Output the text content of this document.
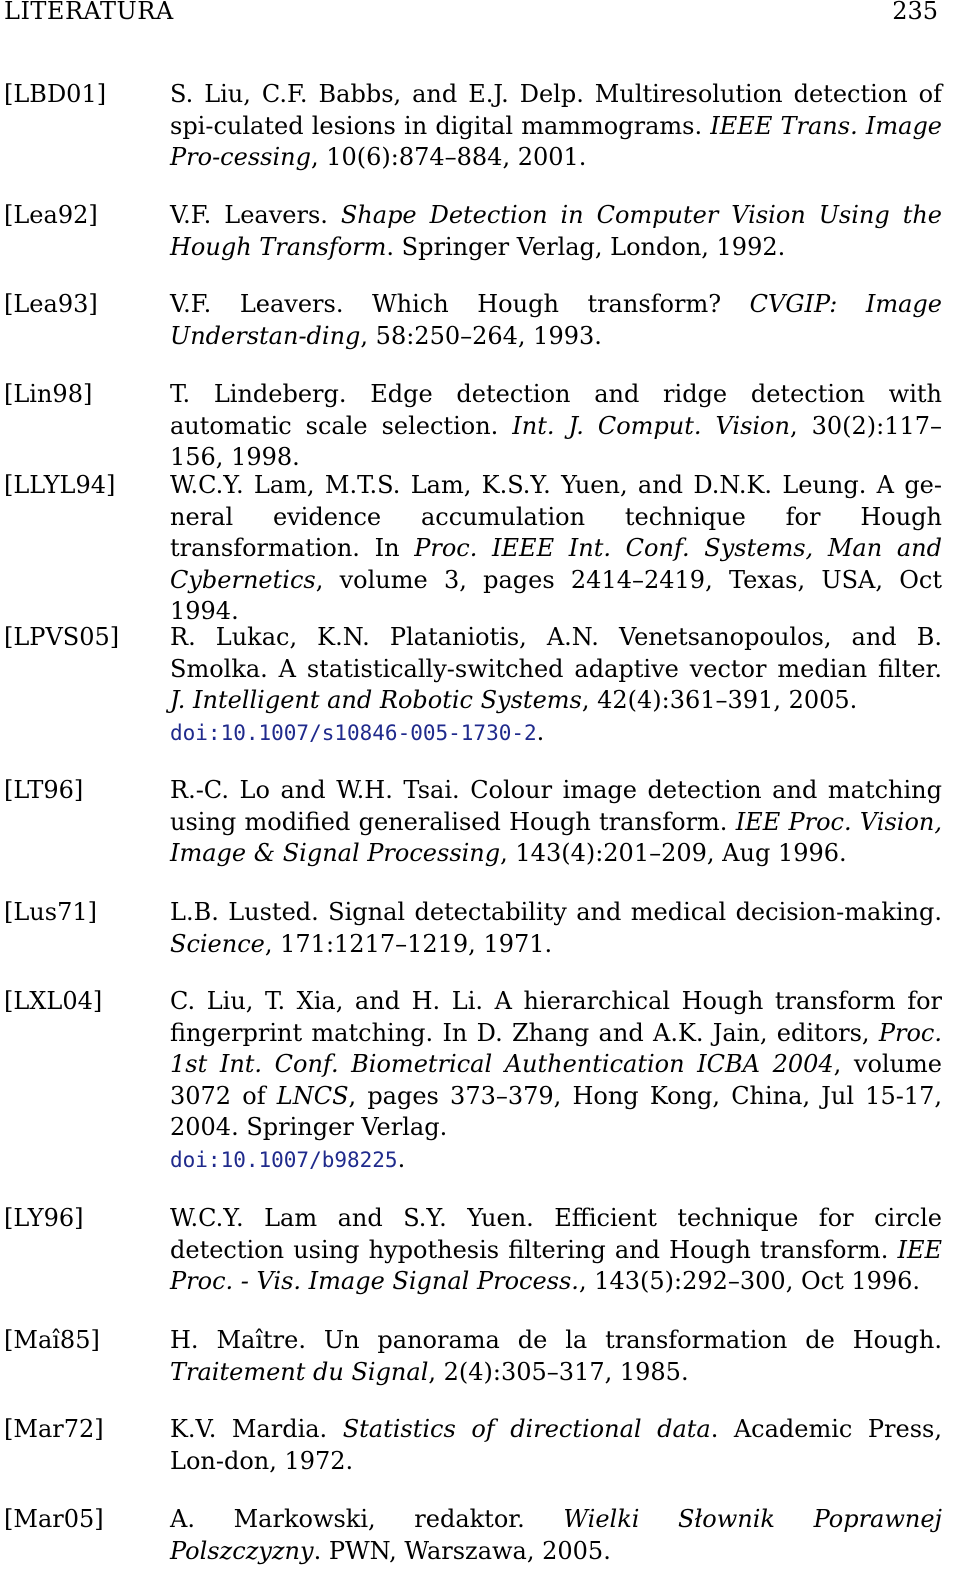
LITERATURA	235
[LBD01]	S. Liu, C.F. Babbs, and E.J. Delp. Multiresolution detection of spi-culated lesions in digital mammograms. IEEE Trans. Image Pro-cessing, 10(6):874–884, 2001.
[Lea92]	V.F. Leavers. Shape Detection in Computer Vision Using the Hough Transform. Springer Verlag, London, 1992.
[Lea93]	V.F. Leavers. Which Hough transform? CVGIP: Image Understan-ding, 58:250–264, 1993.
[Lin98]	T. Lindeberg. Edge detection and ridge detection with automatic scale selection. Int. J. Comput. Vision, 30(2):117–156, 1998.
[LLYL94]	W.C.Y. Lam, M.T.S. Lam, K.S.Y. Yuen, and D.N.K. Leung. A ge-neral evidence accumulation technique for Hough transformation. In Proc. IEEE Int. Conf. Systems, Man and Cybernetics, volume 3, pages 2414–2419, Texas, USA, Oct 1994.
[LPVS05]	R. Lukac, K.N. Plataniotis, A.N. Venetsanopoulos, and B. Smolka. A statistically-switched adaptive vector median filter. J. Intelligent and Robotic Systems, 42(4):361–391, 2005.
doi:10.1007/s10846-005-1730-2.
[LT96]	R.-C. Lo and W.H. Tsai. Colour image detection and matching using modified generalised Hough transform. IEE Proc. Vision, Image & Signal Processing, 143(4):201–209, Aug 1996.
[Lus71]	L.B. Lusted. Signal detectability and medical decision-making. Science, 171:1217–1219, 1971.
[LXL04]	C. Liu, T. Xia, and H. Li. A hierarchical Hough transform for fingerprint matching. In D. Zhang and A.K. Jain, editors, Proc. 1st Int. Conf. Biometrical Authentication ICBA 2004, volume 3072 of LNCS, pages 373–379, Hong Kong, China, Jul 15-17, 2004. Springer Verlag.
doi:10.1007/b98225.
[LY96]	W.C.Y. Lam and S.Y. Yuen. Efficient technique for circle detection using hypothesis filtering and Hough transform. IEE Proc. - Vis. Image Signal Process., 143(5):292–300, Oct 1996.
[Maî85]	H. Maître. Un panorama de la transformation de Hough. Traitement du Signal, 2(4):305–317, 1985.
[Mar72]	K.V. Mardia. Statistics of directional data. Academic Press, Lon-don, 1972.
[Mar05]	A. Markowski, redaktor. Wielki Słownik Poprawnej Polszczyzny. PWN, Warszawa, 2005.
